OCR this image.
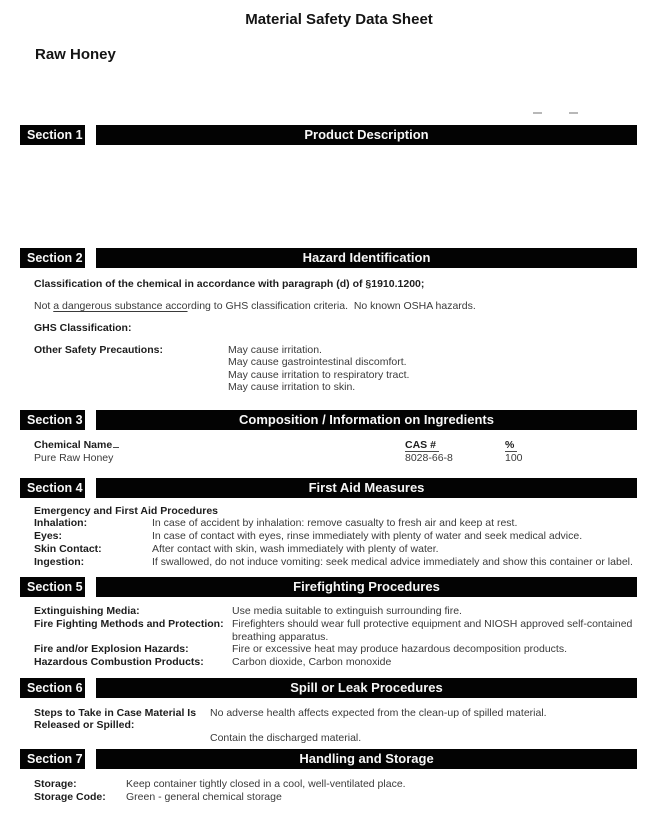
Material Safety Data Sheet
Raw Honey
Section 1	Product Description
Section 2	Hazard Identification
Classification of the chemical in accordance with paragraph (d) of §1910.1200;
Not a dangerous substance according to GHS classification criteria.  No known OSHA hazards.
GHS Classification:
Other Safety Precautions:	May cause irritation.
May cause gastrointestinal discomfort.
May cause irritation to respiratory tract.
May cause irritation to skin.
Section 3	Composition / Information on Ingredients
Chemical Name	CAS #	%
Pure Raw Honey	8028-66-8	100
Section 4	First Aid Measures
Emergency and First Aid Procedures
Inhalation:	In case of accident by inhalation: remove casualty to fresh air and keep at rest.
Eyes:	In case of contact with eyes, rinse immediately with plenty of water and seek medical advice.
Skin Contact:	After contact with skin, wash immediately with plenty of water.
Ingestion:	If swallowed, do not induce vomiting: seek medical advice immediately and show this container or label.
Section 5	Firefighting Procedures
Extinguishing Media:	Use media suitable to extinguish surrounding fire.
Fire Fighting Methods and Protection: Firefighters should wear full protective equipment and NIOSH approved self-contained
breathing apparatus.
Fire and/or Explosion Hazards:	Fire or excessive heat may produce hazardous decomposition products.
Hazardous Combustion Products:	Carbon dioxide, Carbon monoxide
Section 6	Spill or Leak Procedures
Steps to Take in Case Material Is
Released or Spilled:
No adverse health affects expected from the clean-up of spilled material.
Contain the discharged material.
Section 7	Handling and Storage
Storage:	Keep container tightly closed in a cool, well-ventilated place.
Storage Code:	Green - general chemical storage
